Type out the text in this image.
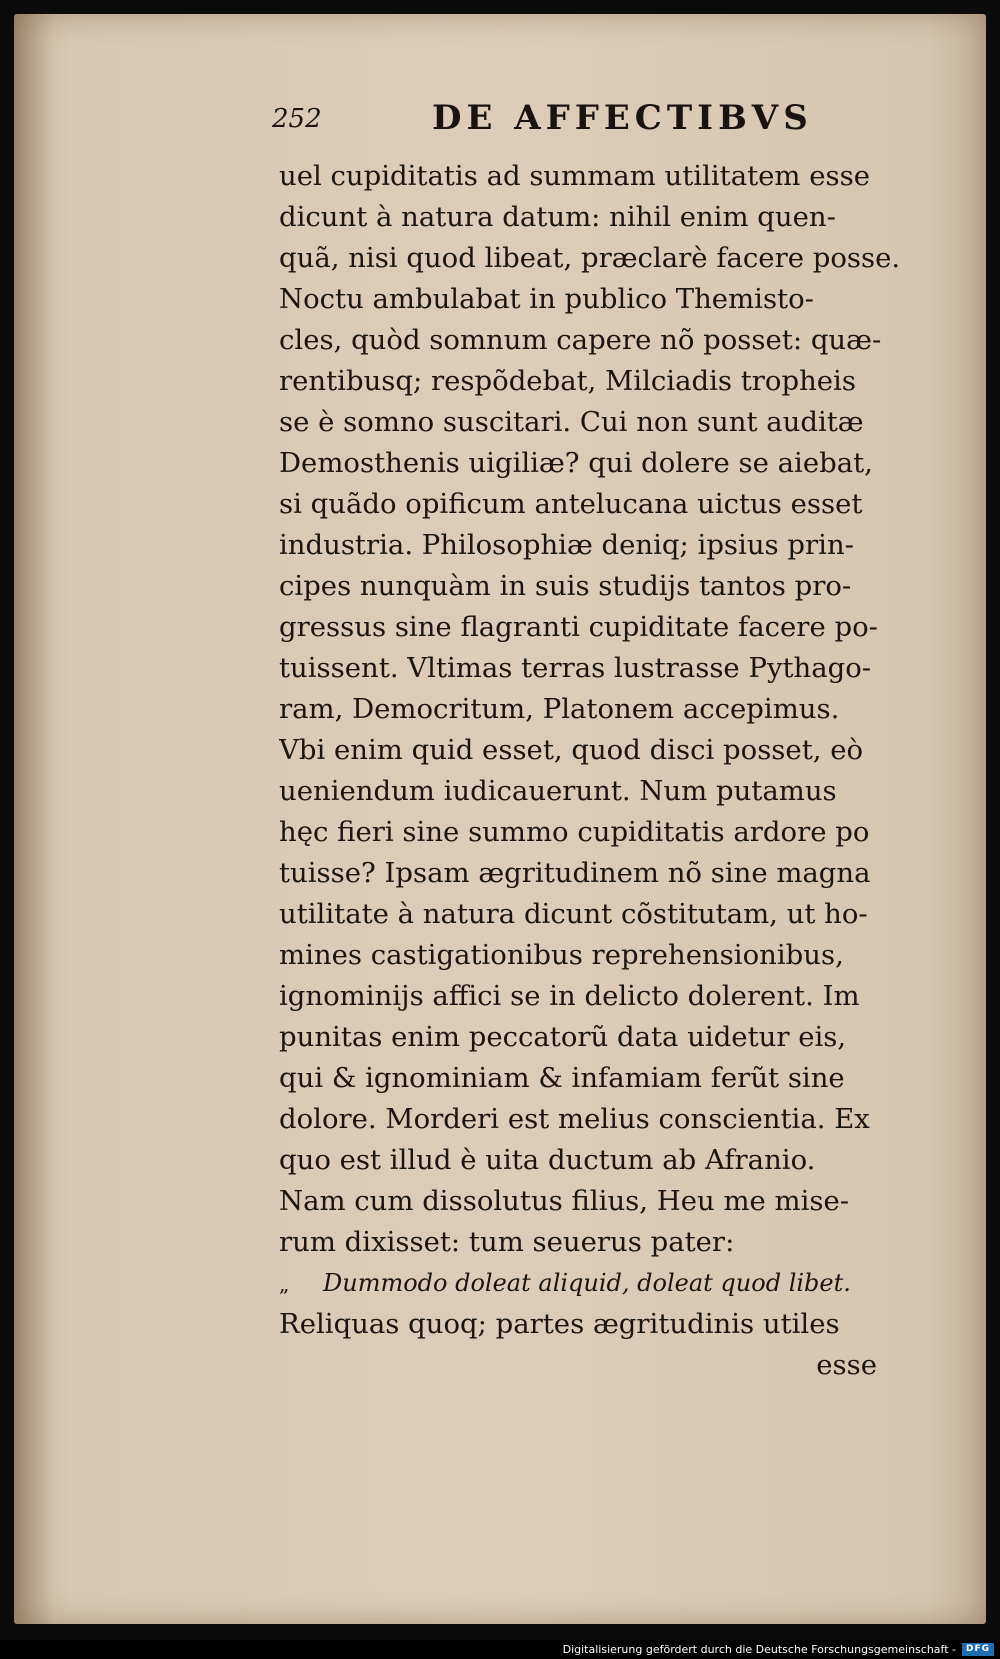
252	DE AFFECTIBVS
uel cupiditatis ad summam utilitatem esse
dicunt à natura datum: nihil enim quen-
quã, nisi quod libeat, præclarè facere posse.
Noctu ambulabat in publico Themisto-
cles, quòd somnum capere nõ posset: quæ-
rentibusq; respõdebat, Milciadis tropheis
se è somno suscitari. Cui non sunt auditæ
Demosthenis uigiliæ? qui dolere se aiebat,
si quãdo opificum antelucana uictus esset
industria. Philosophiæ deniq; ipsius prin-
cipes nunquàm in suis studijs tantos pro-
gressus sine flagranti cupiditate facere po-
tuissent. Vltimas terras lustrasse Pythago-
ram, Democritum, Platonem accepimus.
Vbi enim quid esset, quod disci posset, eò
ueniendum iudicauerunt. Num putamus
hęc fieri sine summo cupiditatis ardore po
tuisse? Ipsam ægritudinem nõ sine magna
utilitate à natura dicunt cõstitutam, ut ho-
mines castigationibus reprehensionibus,
ignominijs affici se in delicto dolerent. Im
punitas enim peccatorũ data uidetur eis,
qui & ignominiam & infamiam ferũt sine
dolore. Morderi est melius conscientia. Ex
quo est illud è uita ductum ab Afranio.
Nam cum dissolutus filius, Heu me mise-
rum dixisset: tum seuerus pater:
„ Dummodo doleat aliquid, doleat quod libet.
Reliquas quoq; partes ægritudinis utiles
esse
Digitalisierung gefördert durch die Deutsche Forschungsgemeinschaft -	DFG
